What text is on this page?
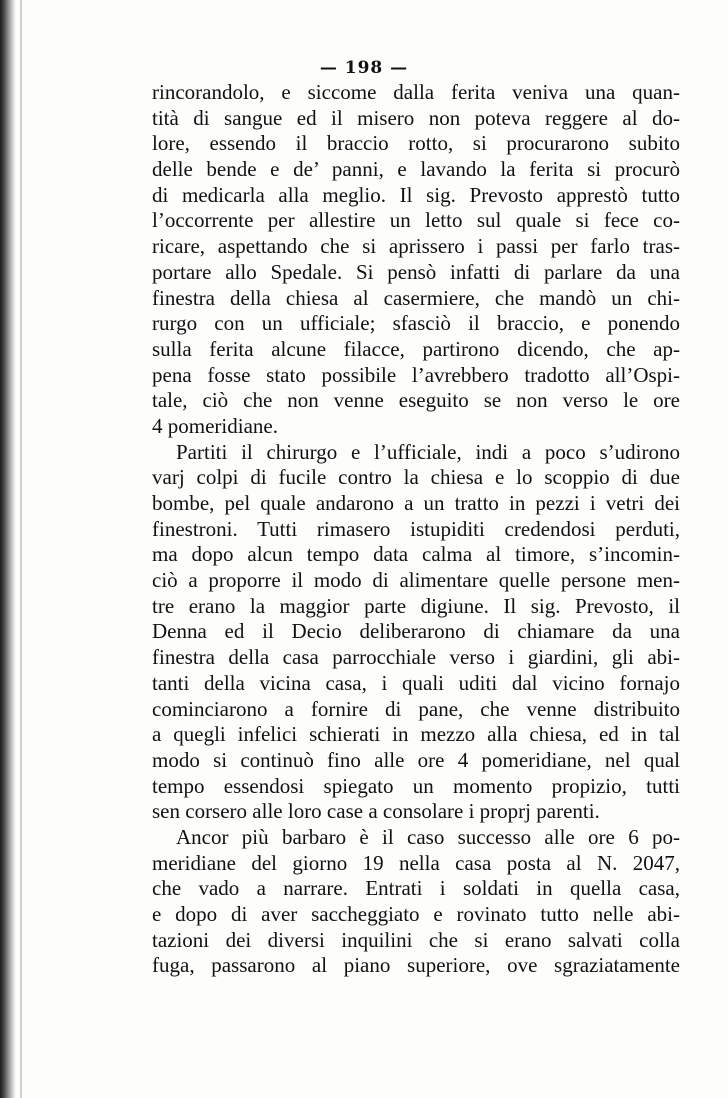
— 198 —
rincorandolo, e siccome dalla ferita veniva una quan-
tità di sangue ed il misero non poteva reggere al do-
lore, essendo il braccio rotto, si procurarono subito
delle bende e de’ panni, e lavando la ferita si procurò
di medicarla alla meglio. Il sig. Prevosto apprestò tutto
l’occorrente per allestire un letto sul quale si fece co-
ricare, aspettando che si aprissero i passi per farlo tras-
portare allo Spedale. Si pensò infatti di parlare da una
finestra della chiesa al casermiere, che mandò un chi-
rurgo con un ufficiale; sfasciò il braccio, e ponendo
sulla ferita alcune filacce, partirono dicendo, che ap-
pena fosse stato possibile l’avrebbero tradotto all’Ospi-
tale, ciò che non venne eseguito se non verso le ore
4 pomeridiane.
Partiti il chirurgo e l’ufficiale, indi a poco s’udirono
varj colpi di fucile contro la chiesa e lo scoppio di due
bombe, pel quale andarono a un tratto in pezzi i vetri dei
finestroni. Tutti rimasero istupiditi credendosi perduti,
ma dopo alcun tempo data calma al timore, s’incomin-
ciò a proporre il modo di alimentare quelle persone men-
tre erano la maggior parte digiune. Il sig. Prevosto, il
Denna ed il Decio deliberarono di chiamare da una
finestra della casa parrocchiale verso i giardini, gli abi-
tanti della vicina casa, i quali uditi dal vicino fornajo
cominciarono a fornire di pane, che venne distribuito
a quegli infelici schierati in mezzo alla chiesa, ed in tal
modo si continuò fino alle ore 4 pomeridiane, nel qual
tempo essendosi spiegato un momento propizio, tutti
sen corsero alle loro case a consolare i proprj parenti.
Ancor più barbaro è il caso successo alle ore 6 po-
meridiane del giorno 19 nella casa posta al N. 2047,
che vado a narrare. Entrati i soldati in quella casa,
e dopo di aver saccheggiato e rovinato tutto nelle abi-
tazioni dei diversi inquilini che si erano salvati colla
fuga, passarono al piano superiore, ove sgraziatamente
